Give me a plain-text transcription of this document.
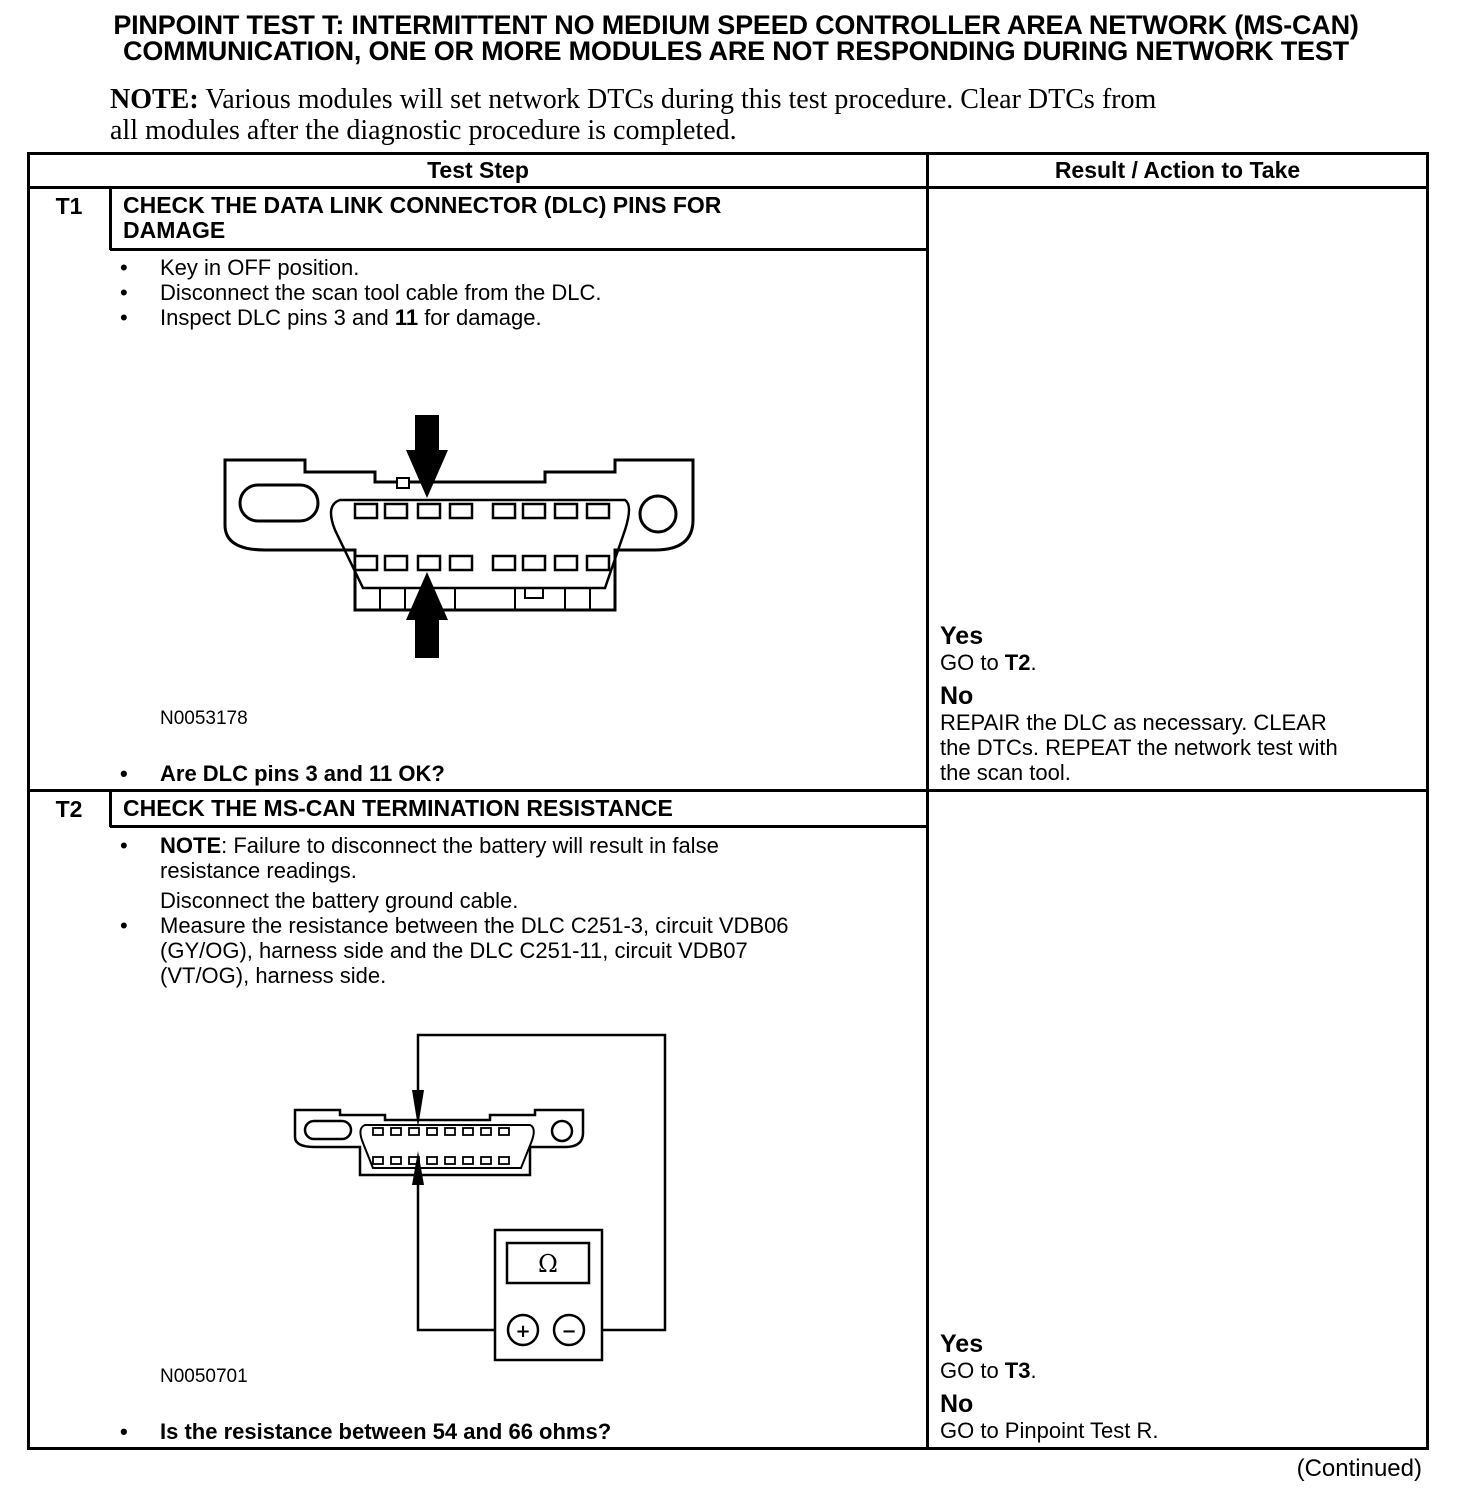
PINPOINT TEST T: INTERMITTENT NO MEDIUM SPEED CONTROLLER AREA NETWORK (MS-CAN)
COMMUNICATION, ONE OR MORE MODULES ARE NOT RESPONDING DURING NETWORK TEST
NOTE: Various modules will set network DTCs during this test procedure. Clear DTCs from
all modules after the diagnostic procedure is completed.
Test Step	Result / Action to Take
T1	CHECK THE DATA LINK CONNECTOR (DLC) PINS FOR
DAMAGE
• Key in OFF position.
• Disconnect the scan tool cable from the DLC.
• Inspect DLC pins 3 and 11 for damage.
N0053178
• Are DLC pins 3 and 11 OK?
Yes
GO to T2.
No
REPAIR the DLC as necessary. CLEAR
the DTCs. REPEAT the network test with
the scan tool.
T2	CHECK THE MS-CAN TERMINATION RESISTANCE
• NOTE: Failure to disconnect the battery will result in false
resistance readings.
Disconnect the battery ground cable.
• Measure the resistance between the DLC C251-3, circuit VDB06
(GY/OG), harness side and the DLC C251-11, circuit VDB07
(VT/OG), harness side.
Ω
+ −
N0050701
• Is the resistance between 54 and 66 ohms?
Yes
GO to T3.
No
GO to Pinpoint Test R.
(Continued)
